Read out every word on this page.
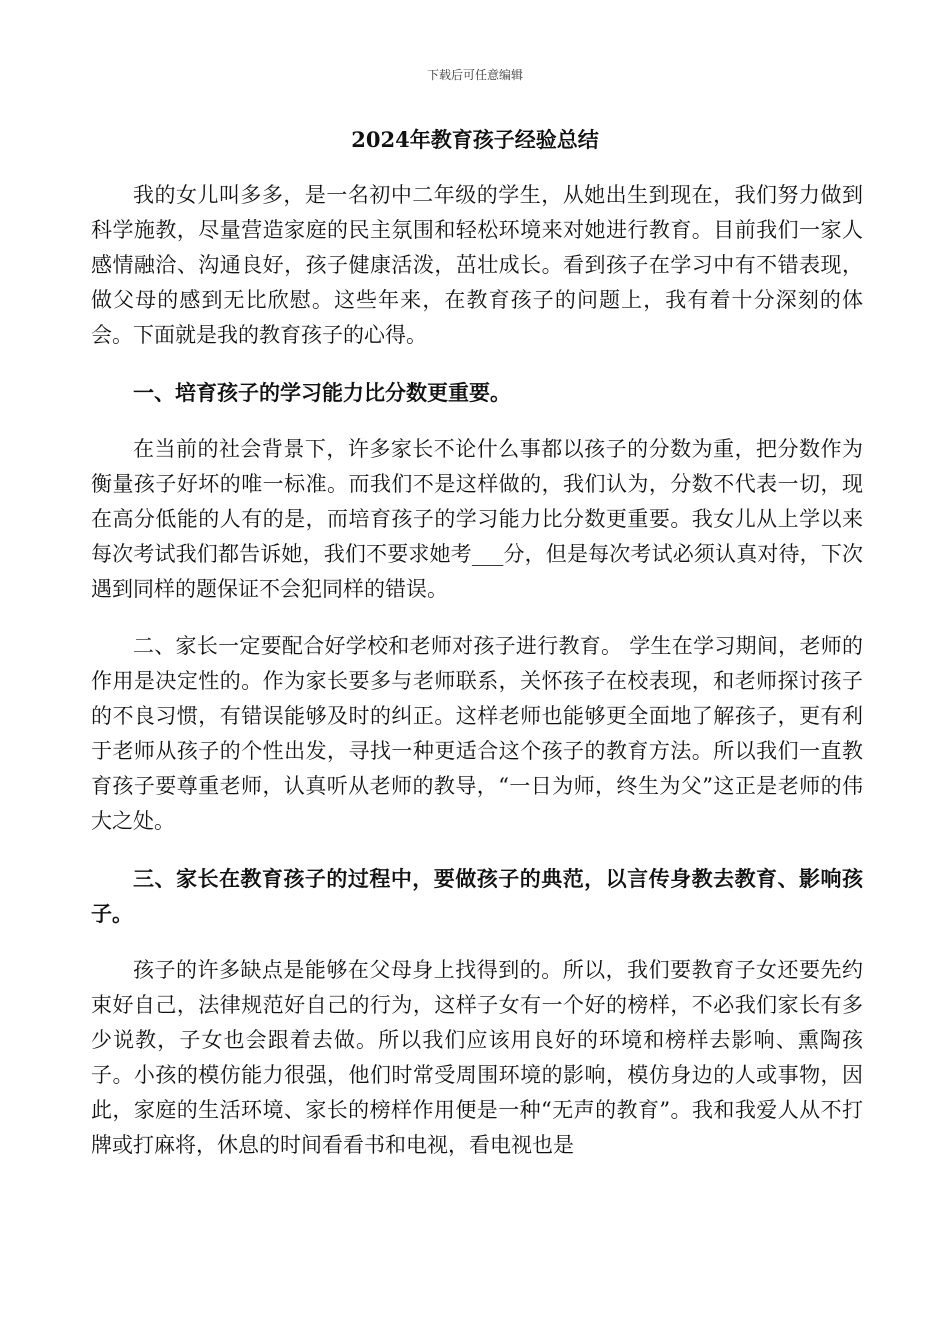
下载后可任意编辑
2024年教育孩子经验总结

我的女儿叫多多，是一名初中二年级的学生，从她出生到现在，我们努力做到科学施教，尽量营造家庭的民主氛围和轻松环境来对她进行教育。目前我们一家人感情融洽、沟通良好，孩子健康活泼，茁壮成长。看到孩子在学习中有不错表现，做父母的感到无比欣慰。这些年来，在教育孩子的问题上，我有着十分深刻的体会。下面就是我的教育孩子的心得。

一、培育孩子的学习能力比分数更重要。

在当前的社会背景下，许多家长不论什么事都以孩子的分数为重，把分数作为衡量孩子好坏的唯一标准。而我们不是这样做的，我们认为，分数不代表一切，现在高分低能的人有的是，而培育孩子的学习能力比分数更重要。我女儿从上学以来每次考试我们都告诉她，我们不要求她考___分，但是每次考试必须认真对待，下次遇到同样的题保证不会犯同样的错误。

二、家长一定要配合好学校和老师对孩子进行教育。 学生在学习期间，老师的作用是决定性的。作为家长要多与老师联系，关怀孩子在校表现，和老师探讨孩子的不良习惯，有错误能够及时的纠正。这样老师也能够更全面地了解孩子，更有利于老师从孩子的个性出发，寻找一种更适合这个孩子的教育方法。所以我们一直教育孩子要尊重老师，认真听从老师的教导，“一日为师，终生为父”这正是老师的伟大之处。

三、家长在教育孩子的过程中，要做孩子的典范，以言传身教去教育、影响孩子。

孩子的许多缺点是能够在父母身上找得到的。所以，我们要教育子女还要先约束好自己，法律规范好自己的行为，这样子女有一个好的榜样，不必我们家长有多少说教，子女也会跟着去做。所以我们应该用良好的环境和榜样去影响、熏陶孩子。小孩的模仿能力很强，他们时常受周围环境的影响，模仿身边的人或事物，因此，家庭的生活环境、家长的榜样作用便是一种“无声的教育”。我和我爱人从不打牌或打麻将，休息的时间看看书和电视，看电视也是
